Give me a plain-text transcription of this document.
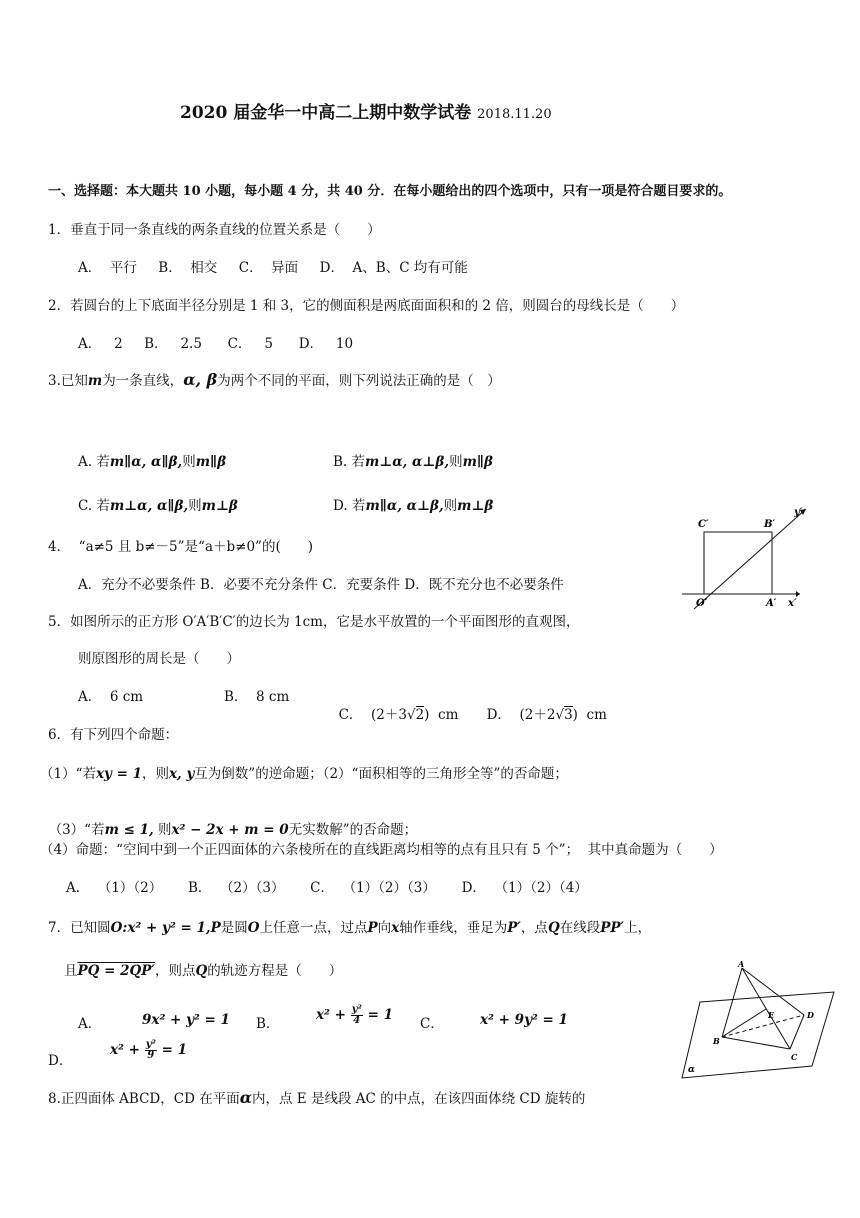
2020 届金华一中高二上期中数学试卷 2018.11.20
一、选择题：本大题共 10 小题，每小题 4 分，共 40 分．在每小题给出的四个选项中，只有一项是符合题目要求的。
1．垂直于同一条直线的两条直线的位置关系是（　　）
A．  平行     B．  相交     C．  异面     D．  A、B、C 均有可能
2．若圆台的上下底面半径分别是 1 和 3，它的侧面积是两底面面积和的 2 倍，则圆台的母线长是（　　）
A．   2     B．   2.5      C．   5      D．   10
3.已知m为一条直线，α, β为两个不同的平面，则下列说法正确的是（　）
A. 若m∥α, α∥β,则m∥β	B. 若m⊥α, α⊥β,则m∥β
C. 若m⊥α, α∥β,则m⊥β	D. 若m∥α, α⊥β,则m⊥β
4．  “a≠5 且 b≠－5”是“a＋b≠0”的(　　)
A．充分不必要条件 B．必要不充分条件 C．充要条件 D．既不充分也不必要条件
C′	B′
y′
O′	A′ x′
5．如图所示的正方形 O′A′B′C′的边长为 1cm，它是水平放置的一个平面图形的直观图，
则原图形的周长是（　　）
A．  6 cm	B．  8 cm

C．  (2＋3√2)  cm	D．  (2＋2√3)  cm

6．有下列四个命题：
（1）“若xy = 1，则x, y互为倒数”的逆命题；（2）“面积相等的三角形全等”的否命题；

（3）“若m ≤ 1, 则x² − 2x + m = 0无实数解”的否命题；

（4）命题：“空间中到一个正四面体的六条棱所在的直线距离均相等的点有且只有 5 个”；  其中真命题为（　　）
A．  （1）（2）      B．  （2）（3）      C．  （1）（2）（3）      D．  （1）（2）（4）
7．已知圆O:x² + y² = 1,P是圆O上任意一点，过点P向x轴作垂线，垂足为P′，点Q在线段PP′上，
且PQ = 2QP′，则点Q的轨迹方程是（　　）
A．	9x² + y² = 1 B．
$x^2 + \frac{\text{y²}}{4} = 1$
C．	x² + 9y² = 1
D．
$x^2 + \frac{\text{y²}}{9} = 1$
A
B
C
D
E
α
8.正四面体 ABCD，CD 在平面α内，点 E 是线段 AC 的中点，在该四面体绕 CD 旋转的
